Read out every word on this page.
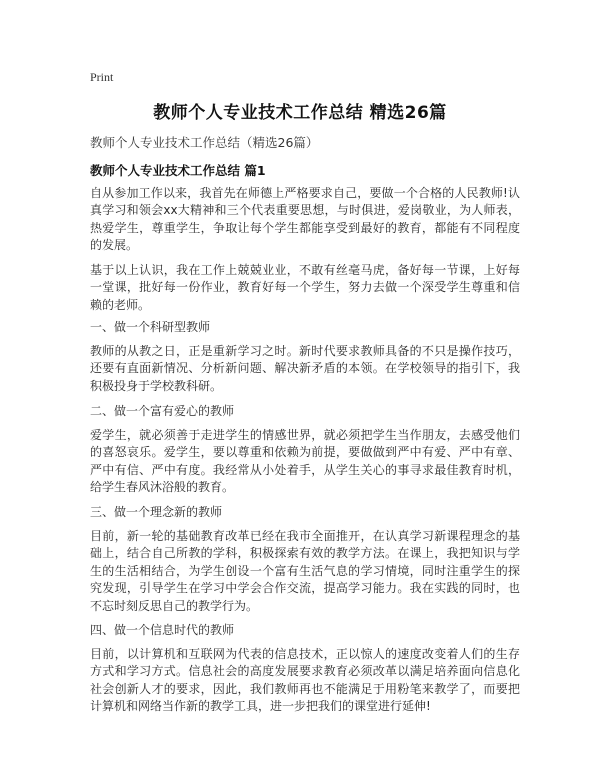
Print
教师个人专业技术工作总结 精选26篇
教师个人专业技术工作总结（精选26篇）
教师个人专业技术工作总结 篇1
自从参加工作以来，我首先在师德上严格要求自己，要做一个合格的人民教师!认真学习和领会xx大精神和三个代表重要思想，与时俱进，爱岗敬业，为人师表，热爱学生，尊重学生，争取让每个学生都能享受到最好的教育，都能有不同程度的发展。
基于以上认识，我在工作上兢兢业业，不敢有丝毫马虎，备好每一节课，上好每一堂课，批好每一份作业，教育好每一个学生，努力去做一个深受学生尊重和信赖的老师。
一、做一个科研型教师
教师的从教之日，正是重新学习之时。新时代要求教师具备的不只是操作技巧，还要有直面新情况、分析新问题、解决新矛盾的本领。在学校领导的指引下，我积极投身于学校教科研。
二、做一个富有爱心的教师
爱学生，就必须善于走进学生的情感世界，就必须把学生当作朋友，去感受他们的喜怒哀乐。爱学生，要以尊重和依赖为前提，要做做到严中有爱、严中有章、严中有信、严中有度。我经常从小处着手，从学生关心的事寻求最佳教育时机，给学生春风沐浴般的教育。
三、做一个理念新的教师
目前，新一轮的基础教育改革已经在我市全面推开，在认真学习新课程理念的基础上，结合自己所教的学科，积极探索有效的教学方法。在课上，我把知识与学生的生活相结合，为学生创设一个富有生活气息的学习情境，同时注重学生的探究发现，引导学生在学习中学会合作交流，提高学习能力。我在实践的同时，也不忘时刻反思自己的教学行为。
四、做一个信息时代的教师
目前，以计算机和互联网为代表的信息技术，正以惊人的速度改变着人们的生存方式和学习方式。信息社会的高度发展要求教育必须改革以满足培养面向信息化社会创新人才的要求，因此，我们教师再也不能满足于用粉笔来教学了，而要把计算机和网络当作新的教学工具，进一步把我们的课堂进行延伸!
